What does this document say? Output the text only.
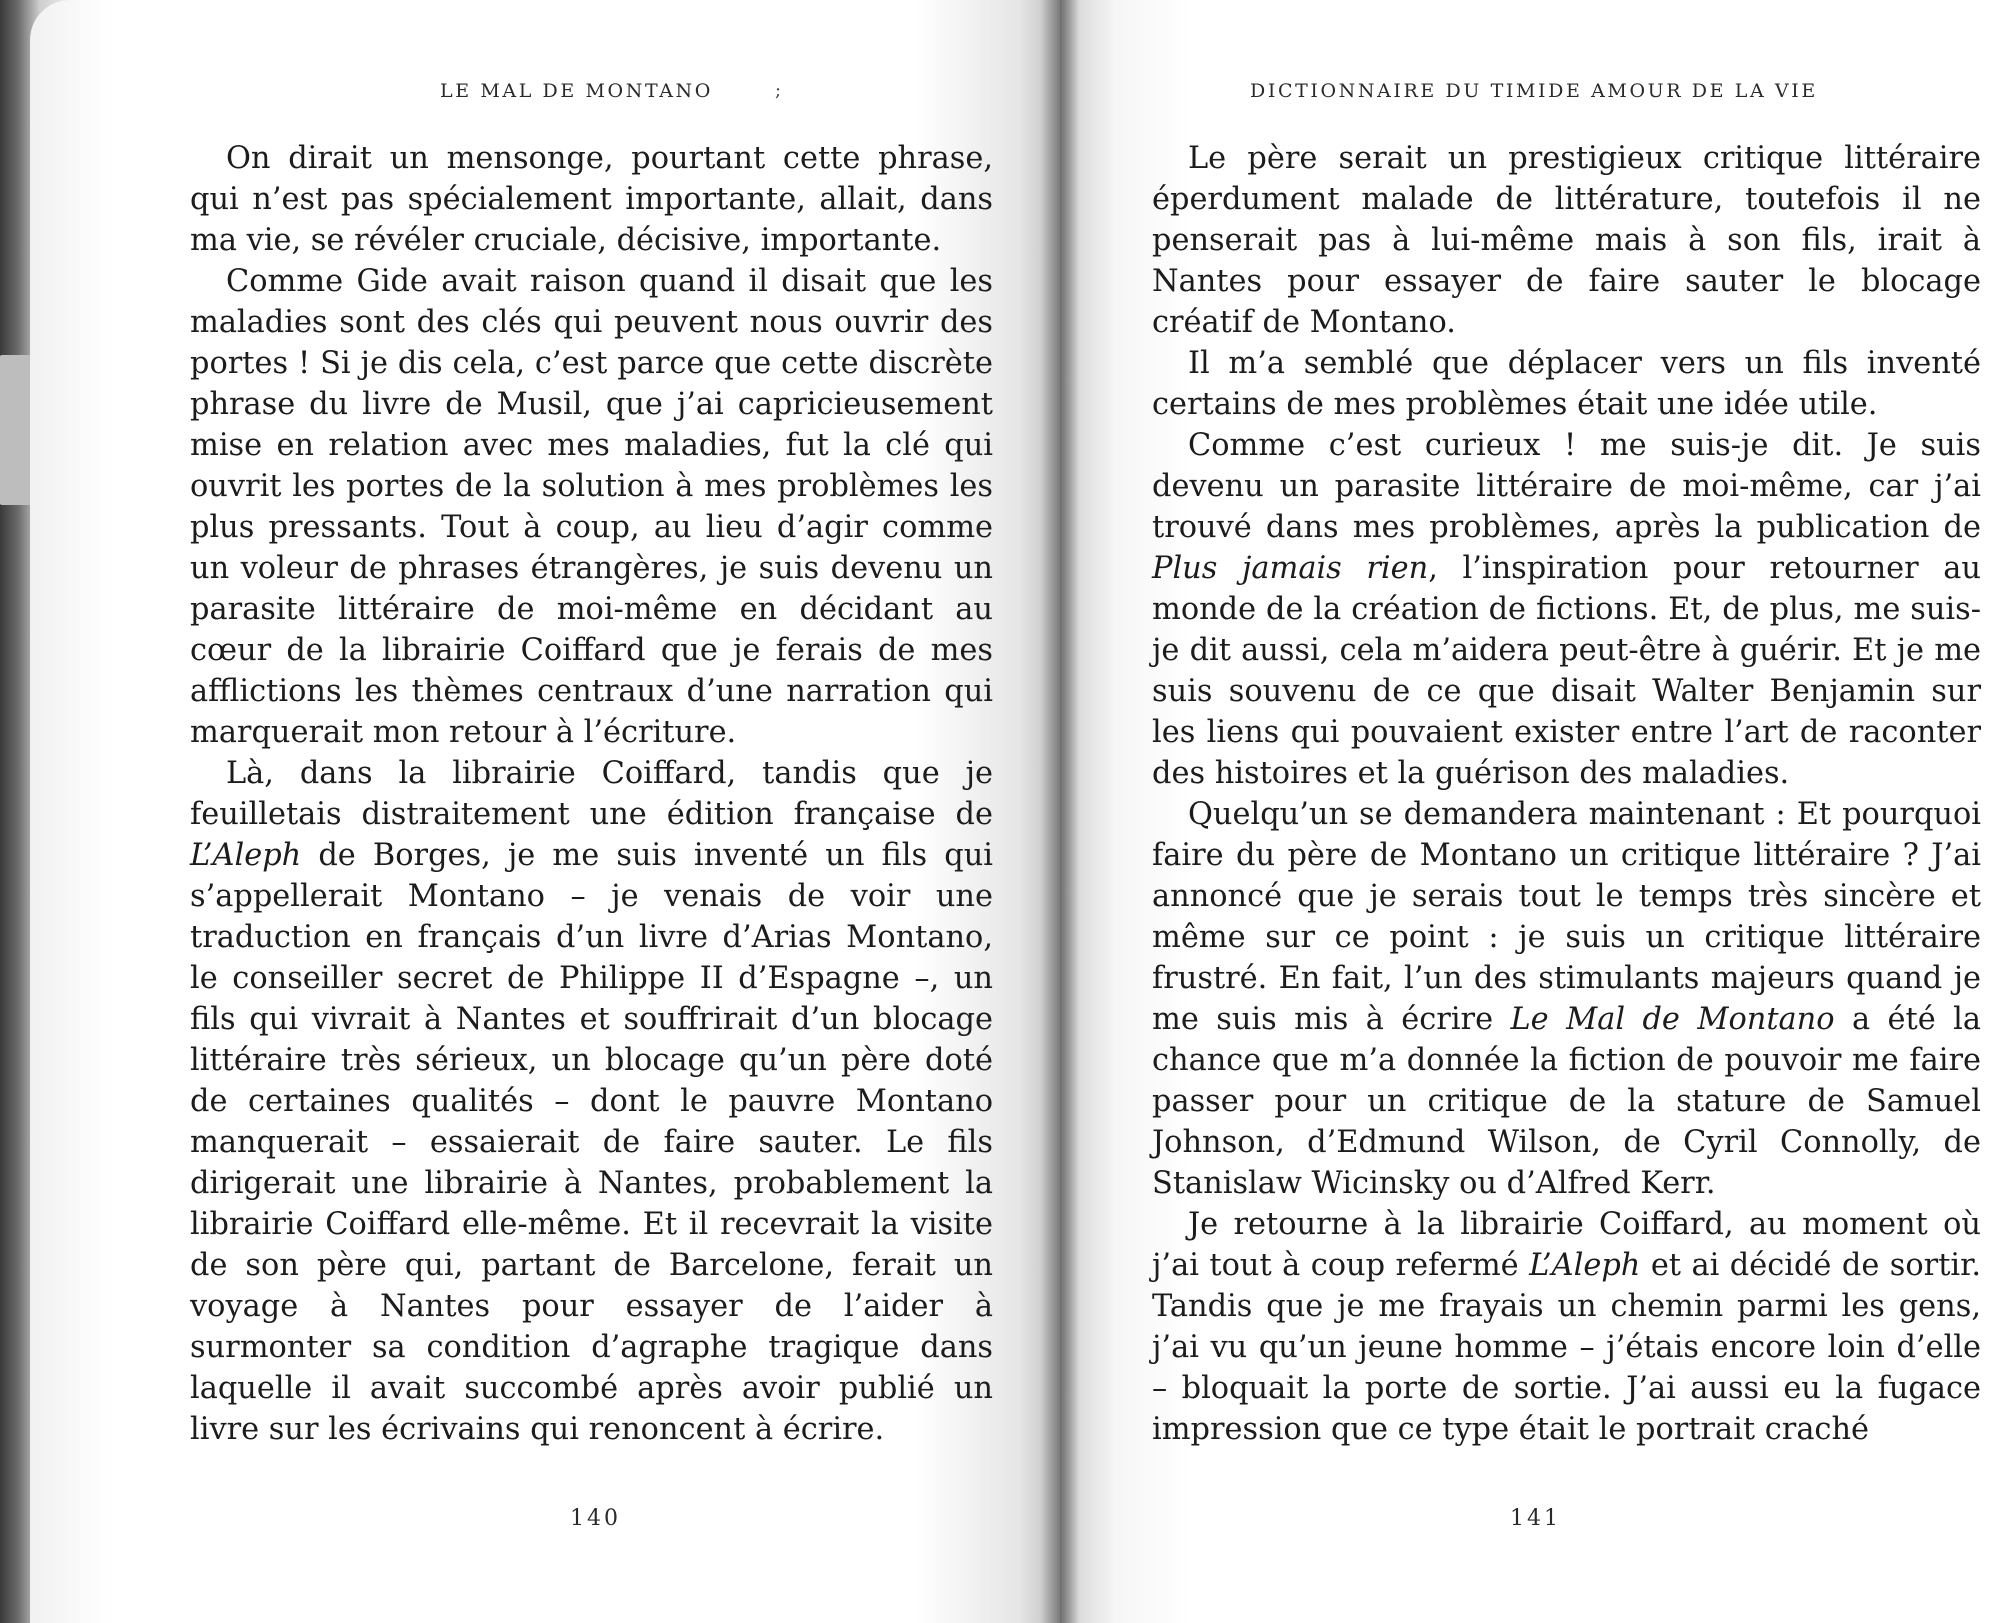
LE MAL DE MONTANO	;

On dirait un mensonge, pourtant cette phrase, qui n’est pas spécialement importante, allait, dans ma vie, se révéler cruciale, décisive, importante.

Comme Gide avait raison quand il disait que les maladies sont des clés qui peuvent nous ouvrir des portes ! Si je dis cela, c’est parce que cette discrète phrase du livre de Musil, que j’ai capricieusement mise en relation avec mes maladies, fut la clé qui ouvrit les portes de la solution à mes problèmes les plus pressants. Tout à coup, au lieu d’agir comme un voleur de phrases étrangères, je suis devenu un parasite littéraire de moi-même en décidant au cœur de la librairie Coiffard que je ferais de mes afflictions les thèmes centraux d’une narration qui marquerait mon retour à l’écriture.

Là, dans la librairie Coiffard, tandis que je feuilletais distraitement une édition française de L’Aleph de Borges, je me suis inventé un fils qui s’appellerait Montano – je venais de voir une traduction en français d’un livre d’Arias Montano, le conseiller secret de Philippe II d’Espagne –, un fils qui vivrait à Nantes et souffrirait d’un blocage littéraire très sérieux, un blocage qu’un père doté de certaines qualités – dont le pauvre Montano manquerait – essaierait de faire sauter. Le fils dirigerait une librairie à Nantes, probablement la librairie Coiffard elle-même. Et il recevrait la visite de son père qui, partant de Barcelone, ferait un voyage à Nantes pour essayer de l’aider à surmonter sa condition d’agraphe tragique dans laquelle il avait succombé après avoir publié un livre sur les écrivains qui renoncent à écrire.

140

DICTIONNAIRE DU TIMIDE AMOUR DE LA VIE

Le père serait un prestigieux critique littéraire éperdument malade de littérature, toutefois il ne penserait pas à lui-même mais à son fils, irait à Nantes pour essayer de faire sauter le blocage créatif de Montano.

Il m’a semblé que déplacer vers un fils inventé certains de mes problèmes était une idée utile.

Comme c’est curieux ! me suis-je dit. Je suis devenu un parasite littéraire de moi-même, car j’ai trouvé dans mes problèmes, après la publication de Plus jamais rien, l’inspiration pour retourner au monde de la création de fictions. Et, de plus, me suis-je dit aussi, cela m’aidera peut-être à guérir. Et je me suis souvenu de ce que disait Walter Benjamin sur les liens qui pouvaient exister entre l’art de raconter des histoires et la guérison des maladies.

Quelqu’un se demandera maintenant : Et pourquoi faire du père de Montano un critique littéraire ? J’ai annoncé que je serais tout le temps très sincère et même sur ce point : je suis un critique littéraire frustré. En fait, l’un des stimulants majeurs quand je me suis mis à écrire Le Mal de Montano a été la chance que m’a donnée la fiction de pouvoir me faire passer pour un critique de la stature de Samuel Johnson, d’Edmund Wilson, de Cyril Connolly, de Stanislaw Wicinsky ou d’Alfred Kerr.

Je retourne à la librairie Coiffard, au moment où j’ai tout à coup refermé L’Aleph et ai décidé de sortir. Tandis que je me frayais un chemin parmi les gens, j’ai vu qu’un jeune homme – j’étais encore loin d’elle – bloquait la porte de sortie. J’ai aussi eu la fugace impression que ce type était le portrait craché

141
